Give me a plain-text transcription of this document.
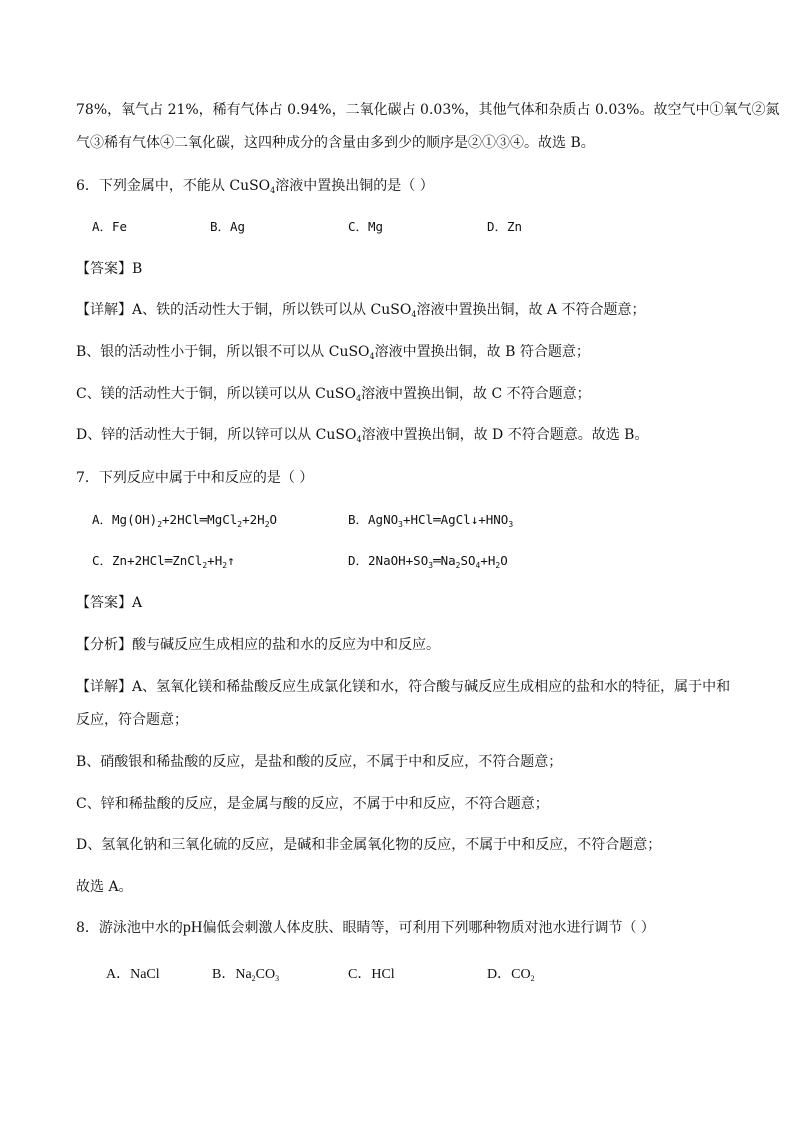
78%，氧气占 21%，稀有气体占 0.94%，二氧化碳占 0.03%，其他气体和杂质占 0.03%。故空气中①氧气②氮
气③稀有气体④二氧化碳，这四种成分的含量由多到少的顺序是②①③④。故选 B。
6．下列金属中，不能从 CuSO$_4$溶液中置换出铜的是（ ）
A．Fe	B．Ag	C．Mg	D．Zn
【答案】B
【详解】A、铁的活动性大于铜，所以铁可以从 CuSO$_4$溶液中置换出铜，故 A 不符合题意；
B、银的活动性小于铜，所以银不可以从 CuSO$_4$溶液中置换出铜，故 B 符合题意；
C、镁的活动性大于铜，所以镁可以从 CuSO$_4$溶液中置换出铜，故 C 不符合题意；
D、锌的活动性大于铜，所以锌可以从 CuSO$_4$溶液中置换出铜，故 D 不符合题意。故选 B。
7．下列反应中属于中和反应的是（ ）
A．$Mg(OH)_2+2HCl═MgCl_2+2H_2O$	B．$AgNO_3+HCl═AgCl↓+HNO_3$
C．$Zn+2HCl═ZnCl_2+H_2↑$	D．$2NaOH+SO_3═Na_2SO_4+H_2O$
【答案】A
【分析】酸与碱反应生成相应的盐和水的反应为中和反应。
【详解】A、氢氧化镁和稀盐酸反应生成氯化镁和水，符合酸与碱反应生成相应的盐和水的特征，属于中和
反应，符合题意；
B、硝酸银和稀盐酸的反应，是盐和酸的反应，不属于中和反应，不符合题意；
C、锌和稀盐酸的反应，是金属与酸的反应，不属于中和反应，不符合题意；
D、氢氧化钠和三氧化硫的反应，是碱和非金属氧化物的反应，不属于中和反应，不符合题意；
故选 A。
8．游泳池中水的pH偏低会刺激人体皮肤、眼睛等，可利用下列哪种物质对池水进行调节（ ）
A．NaCl	B．$Na_2CO_3$	C．HCl	D．$CO_2$
